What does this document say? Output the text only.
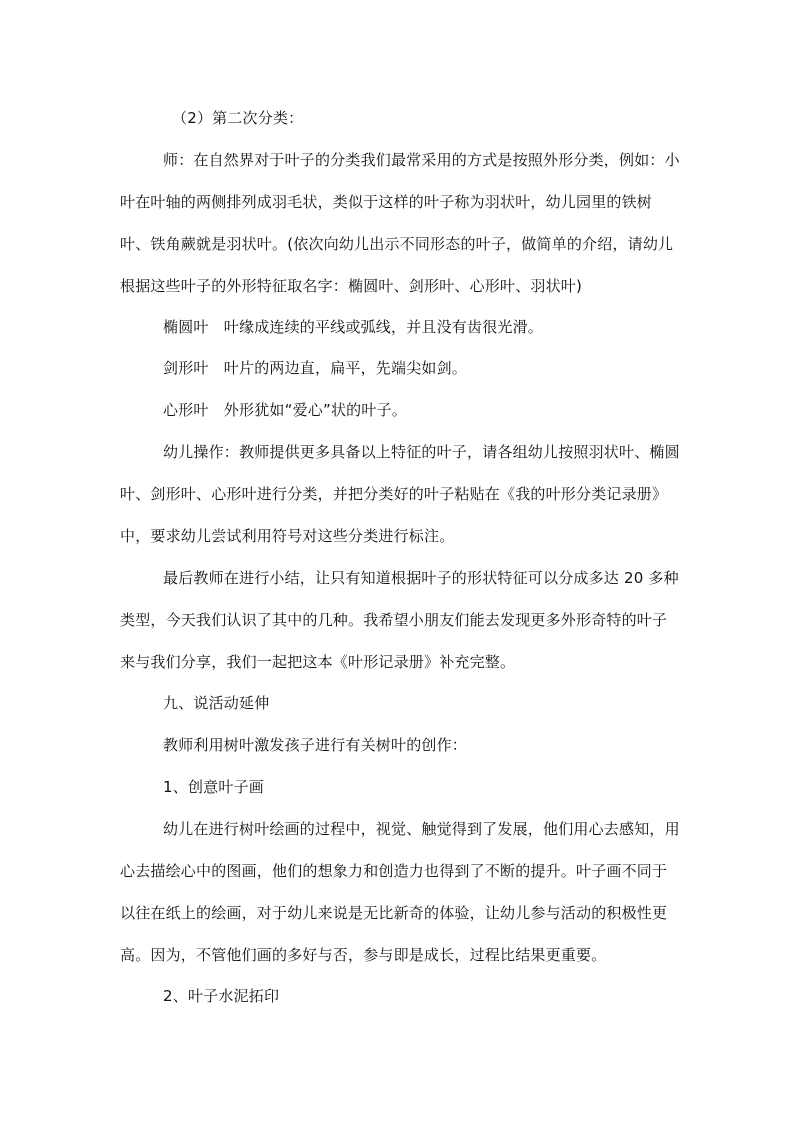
（2）第二次分类：

师：在自然界对于叶子的分类我们最常采用的方式是按照外形分类，例如：小叶在叶轴的两侧排列成羽毛状，类似于这样的叶子称为羽状叶，幼儿园里的铁树叶、铁角蕨就是羽状叶。(依次向幼儿出示不同形态的叶子，做简单的介绍，请幼儿根据这些叶子的外形特征取名字：椭圆叶、剑形叶、心形叶、羽状叶)

椭圆叶　叶缘成连续的平线或弧线，并且没有齿很光滑。

剑形叶　叶片的两边直，扁平，先端尖如剑。

心形叶　外形犹如“爱心”状的叶子。

幼儿操作：教师提供更多具备以上特征的叶子，请各组幼儿按照羽状叶、椭圆叶、剑形叶、心形叶进行分类，并把分类好的叶子粘贴在《我的叶形分类记录册》中，要求幼儿尝试利用符号对这些分类进行标注。

最后教师在进行小结，让只有知道根据叶子的形状特征可以分成多达 20 多种类型，今天我们认识了其中的几种。我希望小朋友们能去发现更多外形奇特的叶子来与我们分享，我们一起把这本《叶形记录册》补充完整。

九、说活动延伸

教师利用树叶激发孩子进行有关树叶的创作：

1、创意叶子画

幼儿在进行树叶绘画的过程中，视觉、触觉得到了发展，他们用心去感知，用心去描绘心中的图画，他们的想象力和创造力也得到了不断的提升。叶子画不同于以往在纸上的绘画，对于幼儿来说是无比新奇的体验，让幼儿参与活动的积极性更高。因为，不管他们画的多好与否，参与即是成长，过程比结果更重要。

2、叶子水泥拓印
